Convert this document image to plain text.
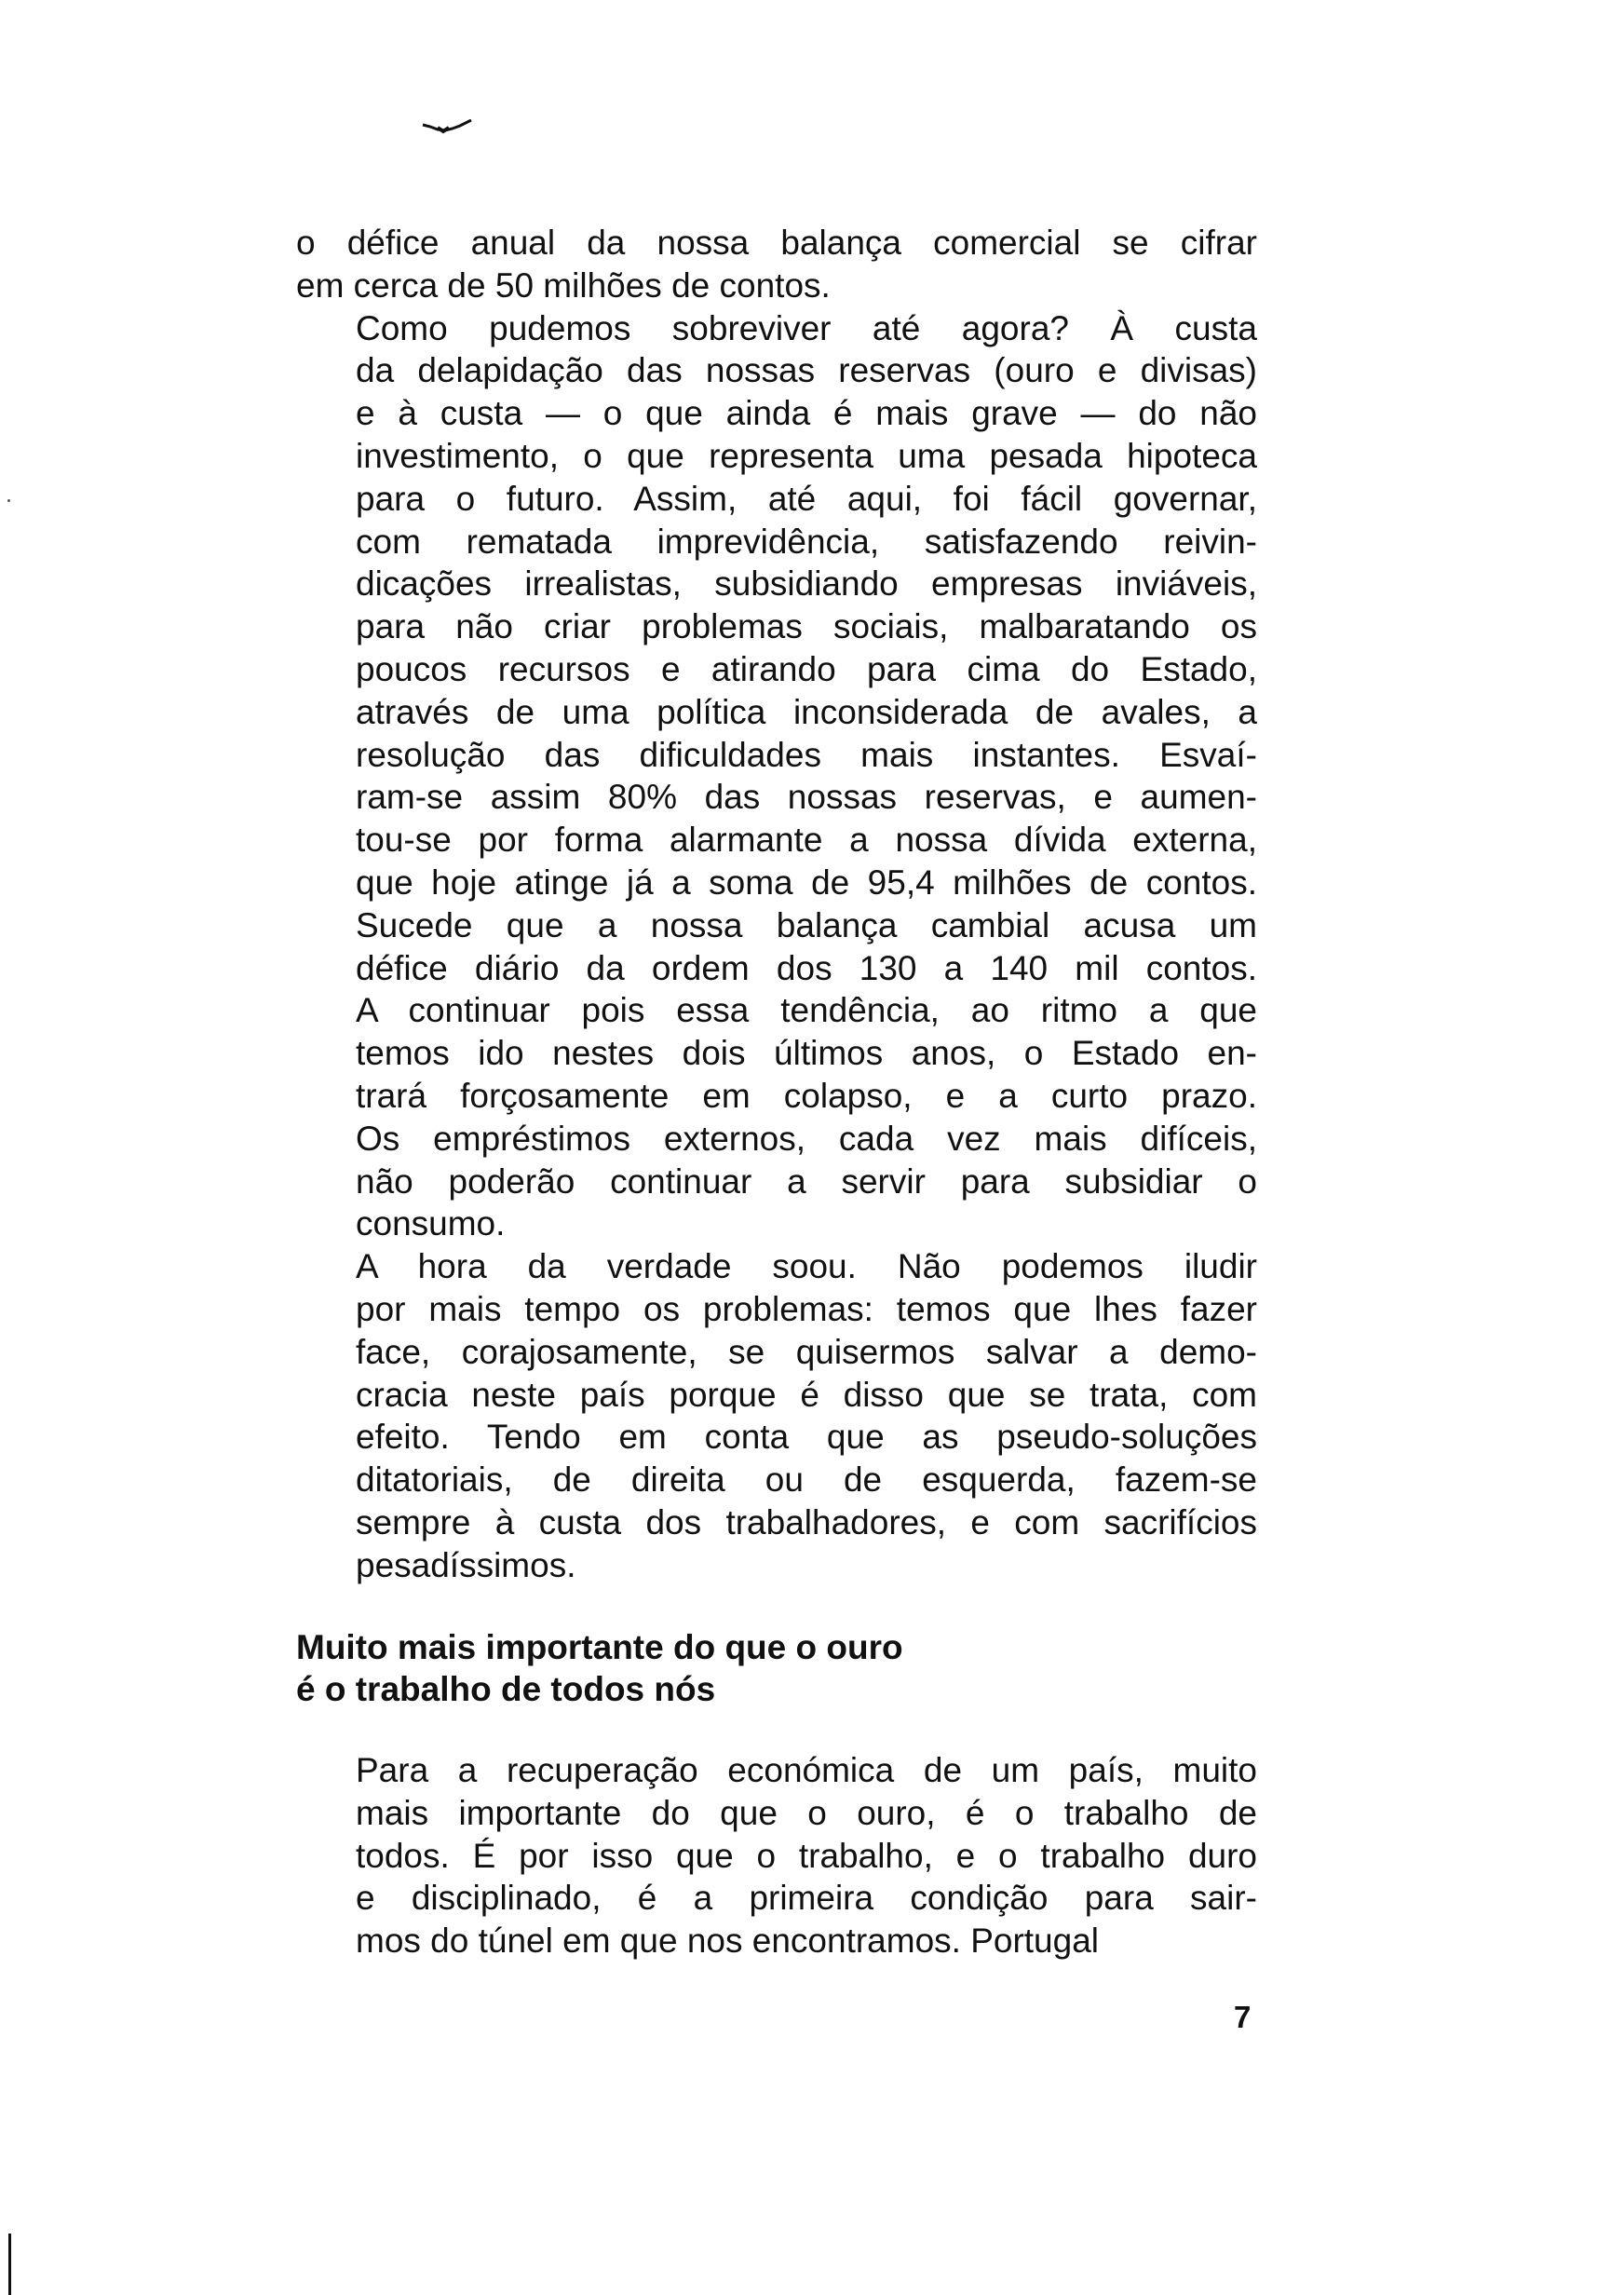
o défice anual da nossa balança comercial se cifrar
em cerca de 50 milhões de contos.

Como pudemos sobreviver até agora? À custa
da delapidação das nossas reservas (ouro e divisas)
e à custa — o que ainda é mais grave — do não
investimento, o que representa uma pesada hipoteca
para o futuro. Assim, até aqui, foi fácil governar,
com rematada imprevidência, satisfazendo reivin-
dicações irrealistas, subsidiando empresas inviáveis,
para não criar problemas sociais, malbaratando os
poucos recursos e atirando para cima do Estado,
através de uma política inconsiderada de avales, a
resolução das dificuldades mais instantes. Esvaí-
ram-se assim 80% das nossas reservas, e aumen-
tou-se por forma alarmante a nossa dívida externa,
que hoje atinge já a soma de 95,4 milhões de contos.
Sucede que a nossa balança cambial acusa um
défice diário da ordem dos 130 a 140 mil contos.
A continuar pois essa tendência, ao ritmo a que
temos ido nestes dois últimos anos, o Estado en-
trará forçosamente em colapso, e a curto prazo.
Os empréstimos externos, cada vez mais difíceis,
não poderão continuar a servir para subsidiar o
consumo.

A hora da verdade soou. Não podemos iludir
por mais tempo os problemas: temos que lhes fazer
face, corajosamente, se quisermos salvar a demo-
cracia neste país porque é disso que se trata, com
efeito. Tendo em conta que as pseudo-soluções
ditatoriais, de direita ou de esquerda, fazem-se
sempre à custa dos trabalhadores, e com sacrifícios
pesadíssimos.

Muito mais importante do que o ouro
é o trabalho de todos nós

Para a recuperação económica de um país, muito
mais importante do que o ouro, é o trabalho de
todos. É por isso que o trabalho, e o trabalho duro
e disciplinado, é a primeira condição para sair-
mos do túnel em que nos encontramos. Portugal

7
